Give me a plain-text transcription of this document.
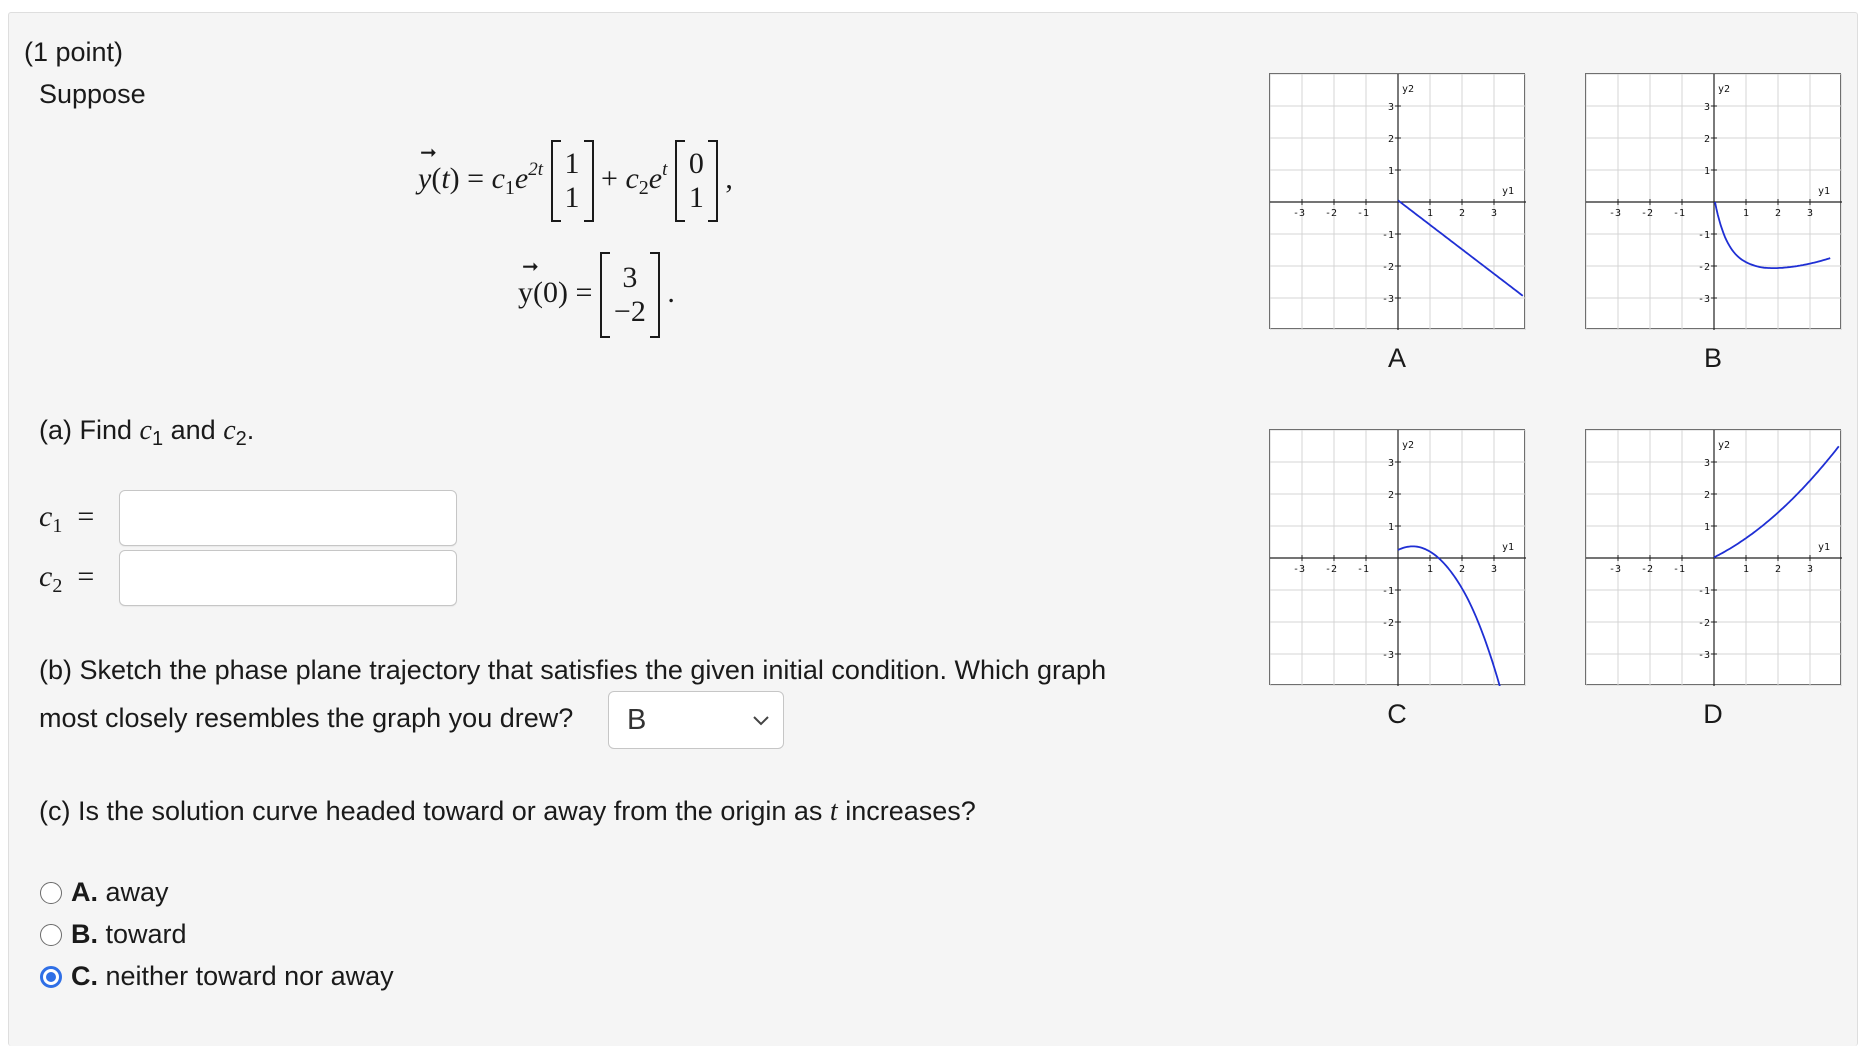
(1 point)
Suppose
➞
$y(t) = c_1e^{2t}$ 1
$1 + c_2e^t$ 0
1 ,
➞
y(0) = 3
−2 .
(a) Find $c_1$ and $c_2$.
$c_1$ =
$c_2$ =
(b) Sketch the phase plane trajectory that satisfies the given initial condition. Which graph
most closely resembles the graph you drew? B
(c) Is the solution curve headed toward or away from the origin as t increases?
A. away
B. toward
C. neither toward nor away
-3
-3
-2
-2
-1
-1
1
1
2
2
3
3
y1
y2
A
-3
-3
-2
-2
-1
-1
1
1
2
2
3
3
y1
y2
B
-3
-3
-2
-2
-1
-1
1
1
2
2
3
3
y1
y2
C
-3
-3
-2
-2
-1
-1
1
1
2
2
3
3
y1
y2
D
